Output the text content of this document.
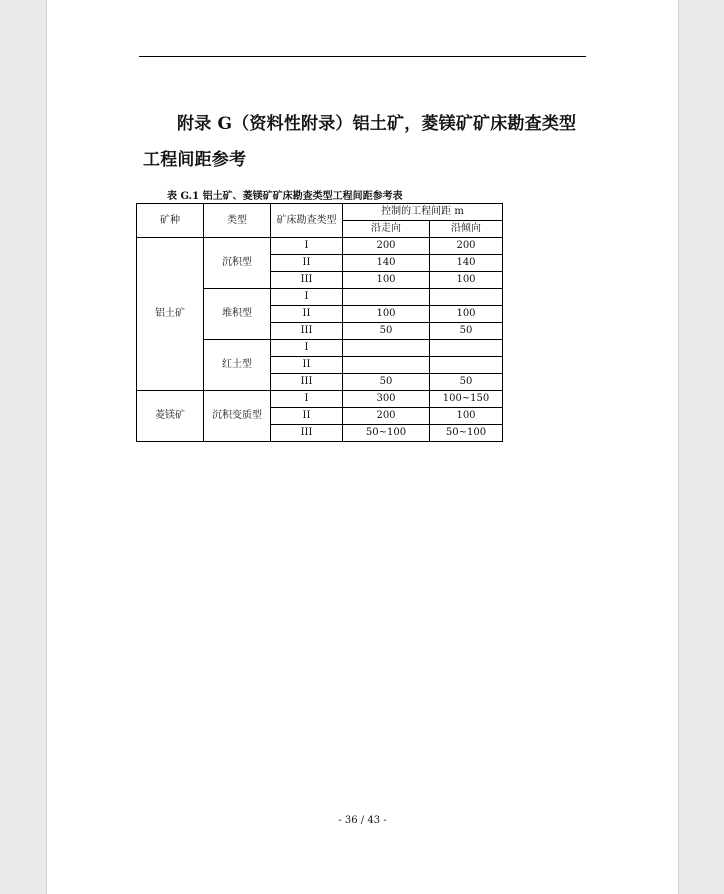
附录 G（资料性附录）铝土矿，菱镁矿矿床勘查类型工程间距参考
表 G.1 铝土矿、菱镁矿矿床勘查类型工程间距参考表
矿种	类型	矿床勘查类型	控制的工程间距 m	
			沿走向	沿倾向
铝土矿	沉积型	I	200	200
		II	140	140
		III	100	100
	堆积型	I		
		II	100	100
		III	50	50
	红土型	I		
		II		
		III	50	50
菱镁矿	沉积变质型	I	300	100~150
		II	200	100
		III	50~100	50~100
- 36 / 43 -
